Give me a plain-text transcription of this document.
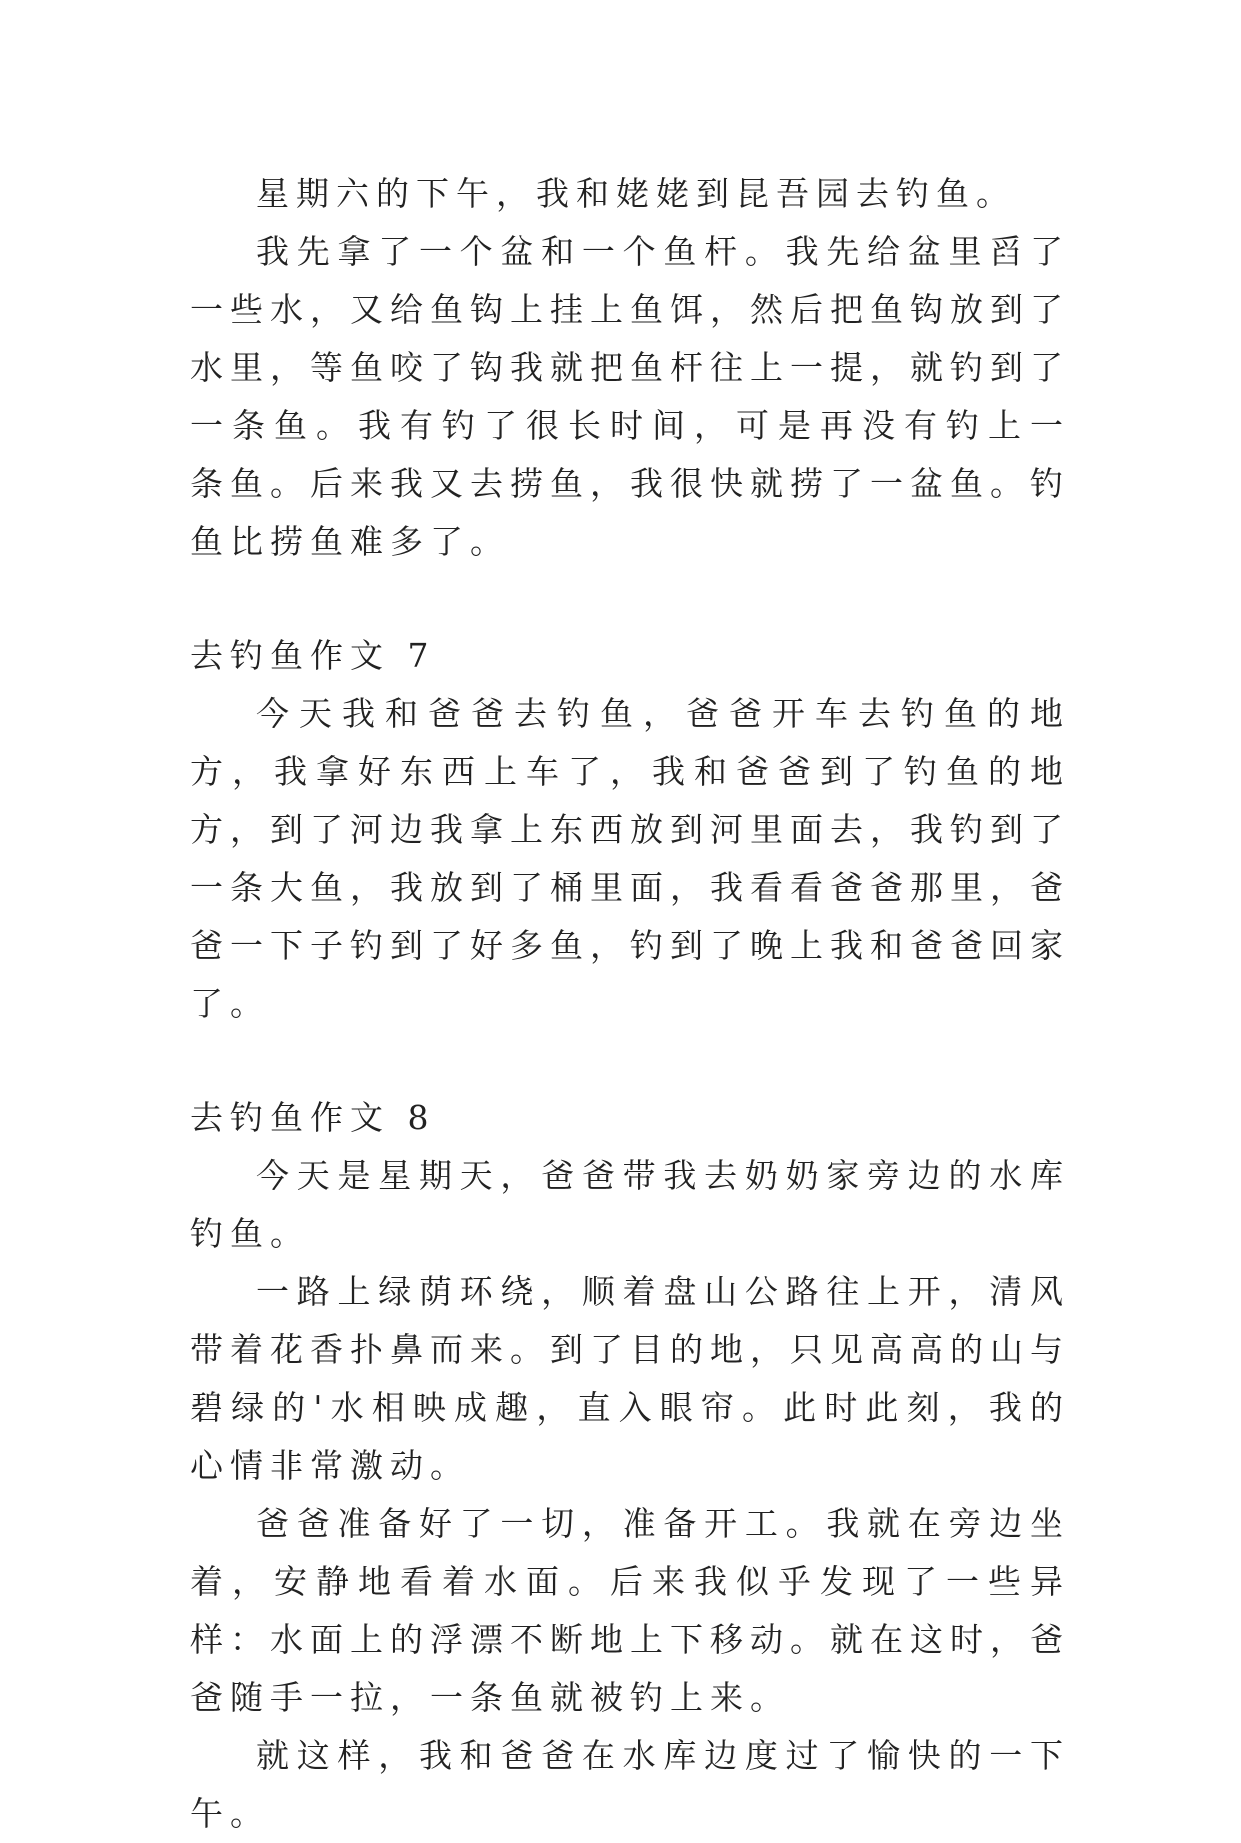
星期六的下午，我和姥姥到昆吾园去钓鱼。

我先拿了一个盆和一个鱼杆。我先给盆里舀了一些水，又给鱼钩上挂上鱼饵，然后把鱼钩放到了水里，等鱼咬了钩我就把鱼杆往上一提，就钓到了一条鱼。我有钓了很长时间，可是再没有钓上一　条鱼。后来我又去捞鱼，我很快就捞了一盆鱼。钓鱼比捞鱼难多了。

去钓鱼作文 7

今天我和爸爸去钓鱼，爸爸开车去钓鱼的地方，我拿好东西上车了，我和爸爸到了钓鱼的地方，到了河边我拿上东西放到河里面去，我钓到了一条大鱼，我放到了桶里面，我看看爸爸那里，爸爸一下子钓到了好多鱼，钓到了晚上我和爸爸回家了。

去钓鱼作文 8

今天是星期天，爸爸带我去奶奶家旁边的水库钓鱼。

一路上绿荫环绕，顺着盘山公路往上开，清风带着花香扑鼻而来。到了目的地，只见高高的山与碧绿的'水相映成趣，直入眼帘。此时此刻，我的心情非常激动。

爸爸准备好了一切，准备开工。我就在旁边坐着，安静地看着水面。后来我似乎发现了一些异样：水面上的浮漂不断地上下移动。就在这时，爸爸随手一拉，一条鱼就被钓上来。

就这样，我和爸爸在水库边度过了愉快的一下午。
